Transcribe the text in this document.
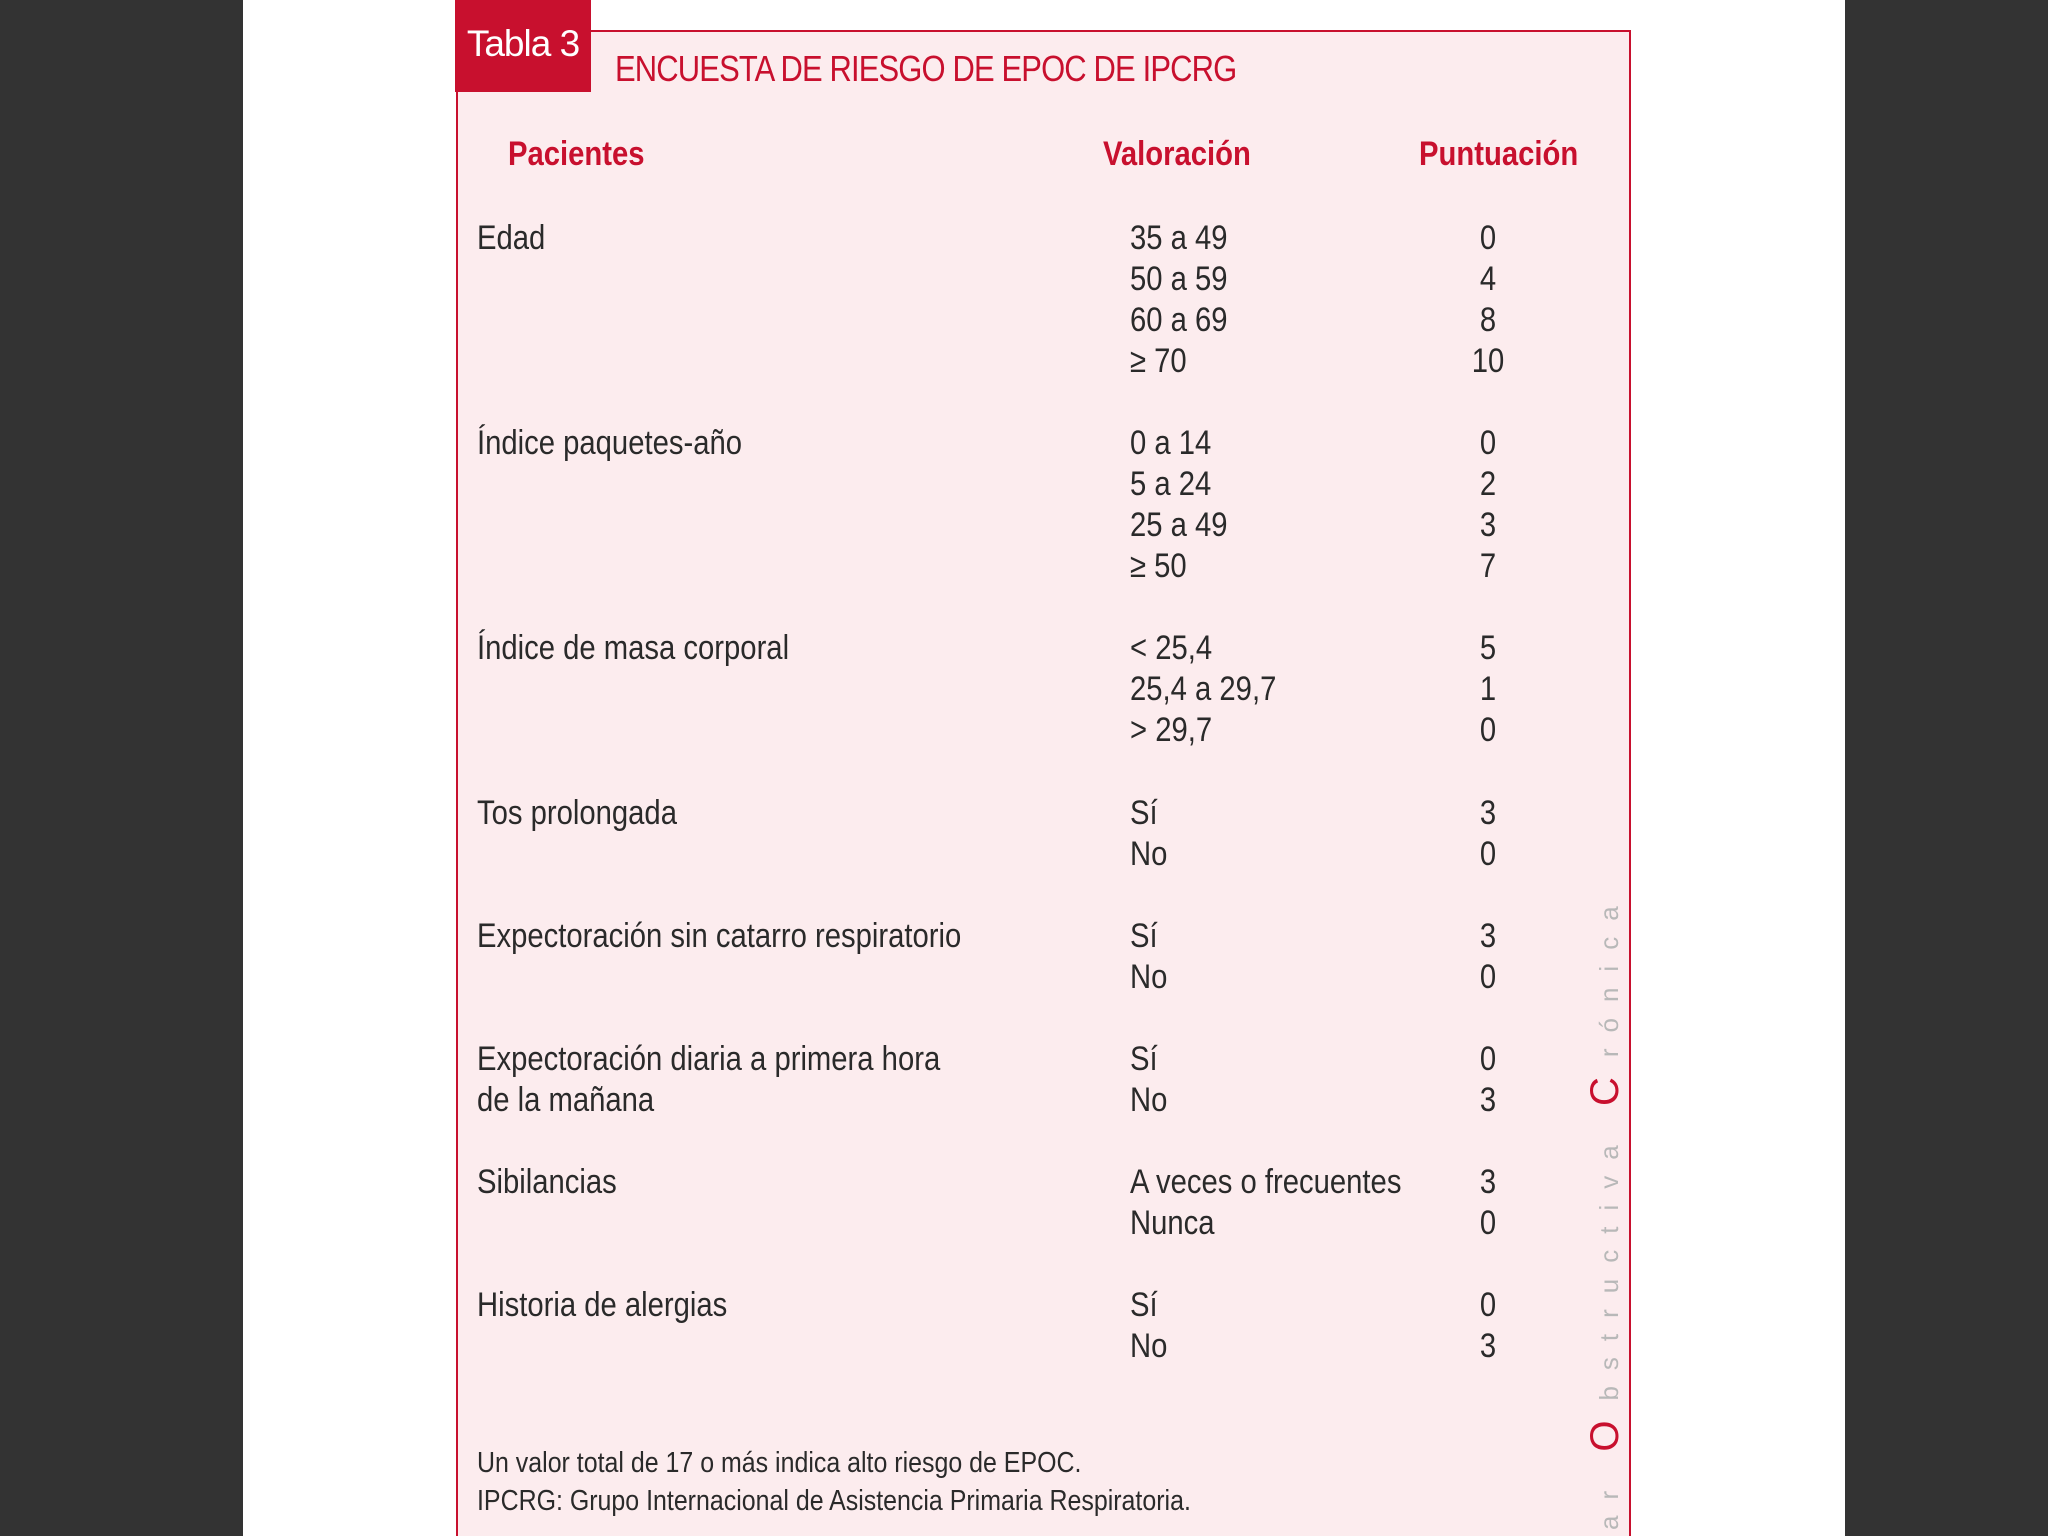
Tabla 3
ENCUESTA DE RIESGO DE EPOC DE IPCRG
Pacientes	Valoración	Puntuación
Edad	35 a 49	0
50 a 59	4
60 a 69	8
≥ 70	10
Índice paquetes-año	0 a 14	0
5 a 24	2
25 a 49	3
≥ 50	7
Índice de masa corporal	< 25,4	5
25,4 a 29,7	1
> 29,7	0
Tos prolongada	Sí	3
No	0
Expectoración sin catarro respiratorio	Sí	3
No	0
Expectoración diaria a primera hora
de la mañana
Sí	0
No	3
Sibilancias	A veces o frecuentes	3
Nunca	0
Historia de alergias	Sí	0
No	3
Un valor total de 17 o más indica alto riesgo de EPOC.
IPCRG: Grupo Internacional de Asistencia Primaria Respiratoria.	ar Obstructiva Crónica
